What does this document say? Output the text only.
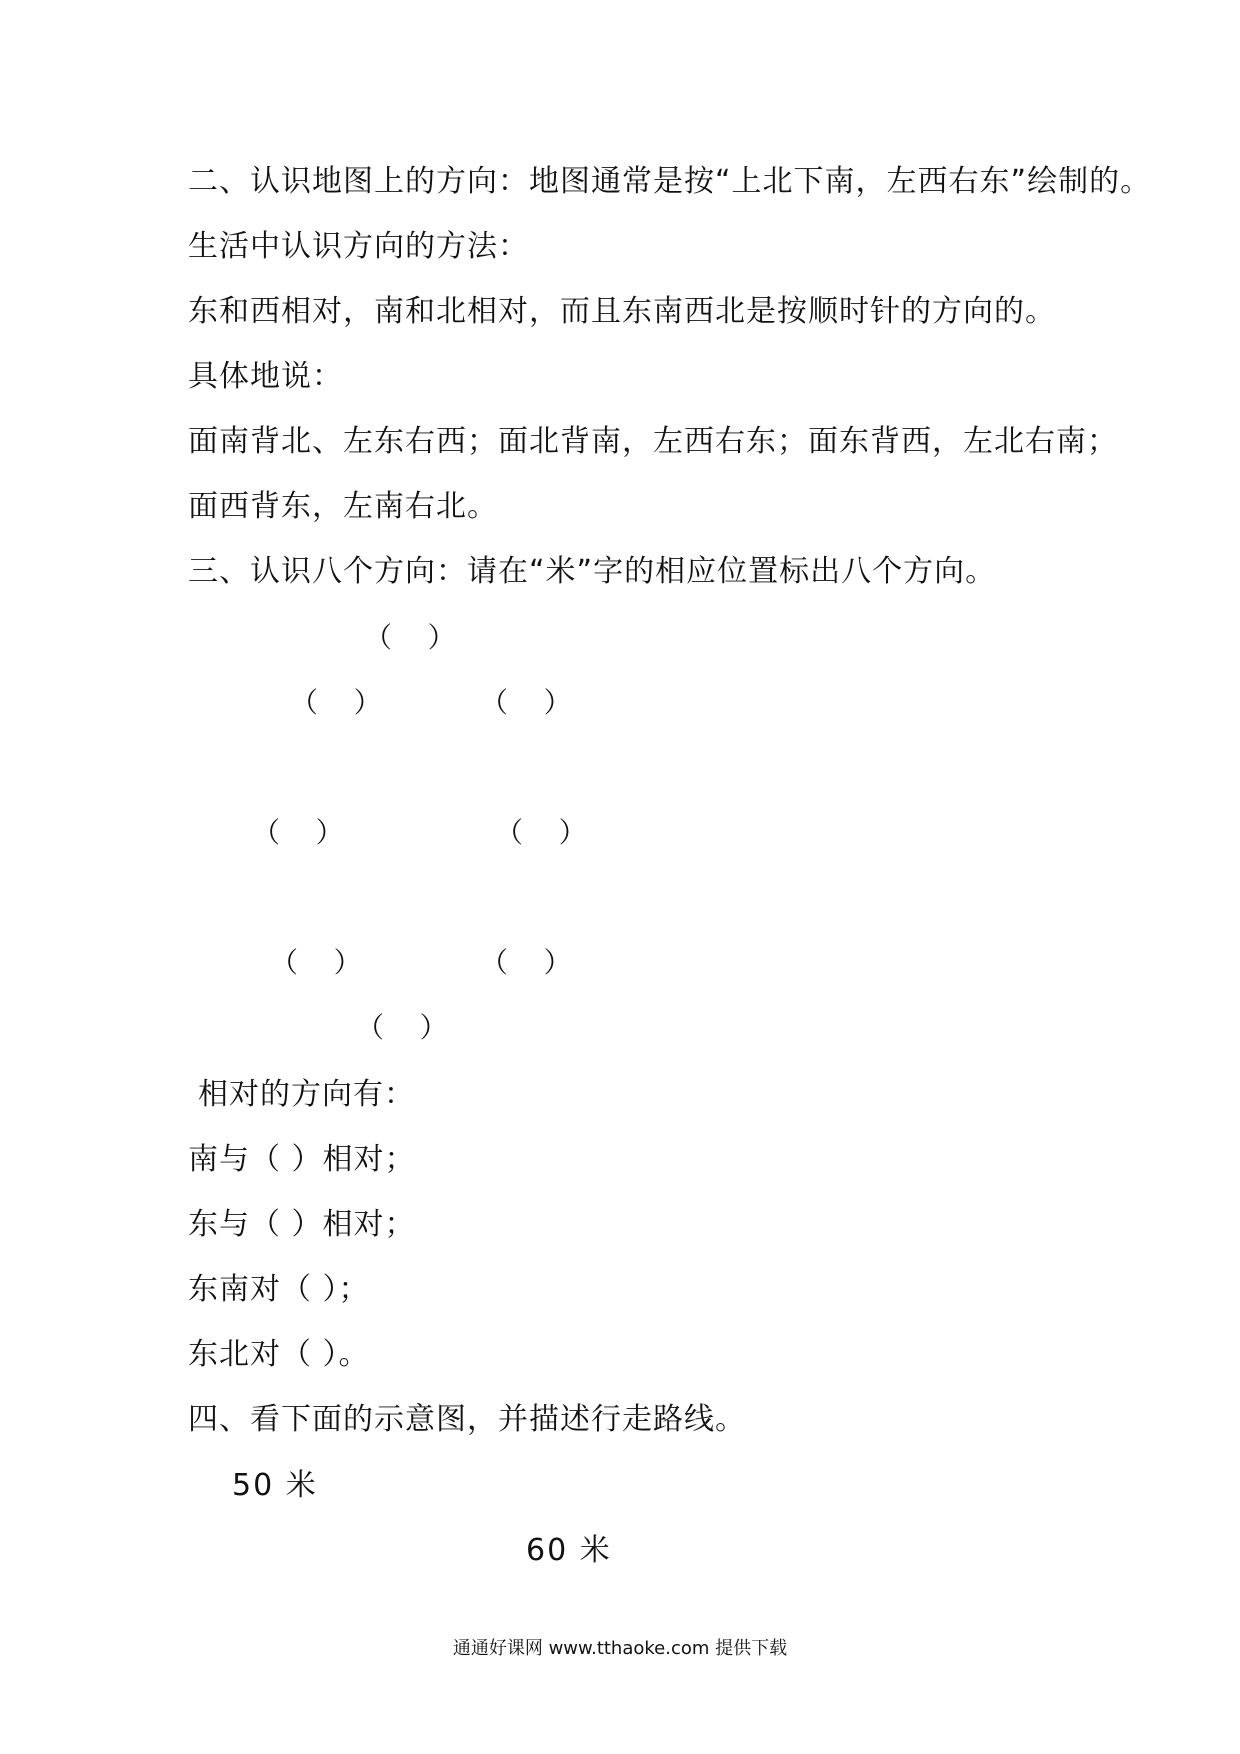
二、认识地图上的方向：地图通常是按“上北下南，左西右东”绘制的。
生活中认识方向的方法：
东和西相对，南和北相对，而且东南西北是按顺时针的方向的。
具体地说：
面南背北、左东右西；面北背南，左西右东；面东背西，左北右南；
面西背东，左南右北。
三、认识八个方向：请在“米”字的相应位置标出八个方向。
（    ）
（    ）	（    ）
（    ）	（    ）
（    ）	（    ）
（    ）
相对的方向有：
南与（ ）相对；
东与（ ）相对；
东南对（ ）；
东北对（ ）。
四、看下面的示意图，并描述行走路线。
50 米
60 米
通通好课网 www.tthaoke.com 提供下载
